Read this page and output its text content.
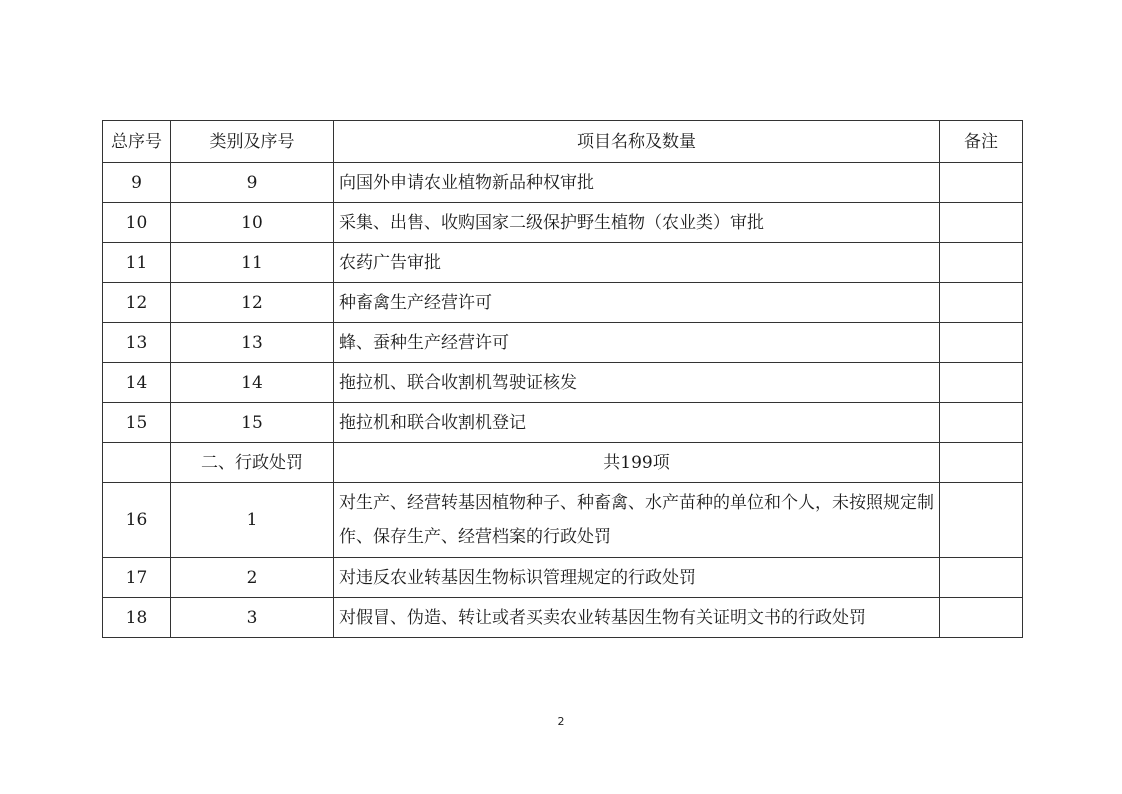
总序号	类别及序号	项目名称及数量	备注
9	9	向国外申请农业植物新品种权审批	
10	10	采集、出售、收购国家二级保护野生植物（农业类）审批	
11	11	农药广告审批	
12	12	种畜禽生产经营许可	
13	13	蜂、蚕种生产经营许可	
14	14	拖拉机、联合收割机驾驶证核发	
15	15	拖拉机和联合收割机登记	
	二、行政处罚	共199项	
16	1	对生产、经营转基因植物种子、种畜禽、水产苗种的单位和个人，未按照规定制作、保存生产、经营档案的行政处罚	
17	2	对违反农业转基因生物标识管理规定的行政处罚	
18	3	对假冒、伪造、转让或者买卖农业转基因生物有关证明文书的行政处罚	
2
